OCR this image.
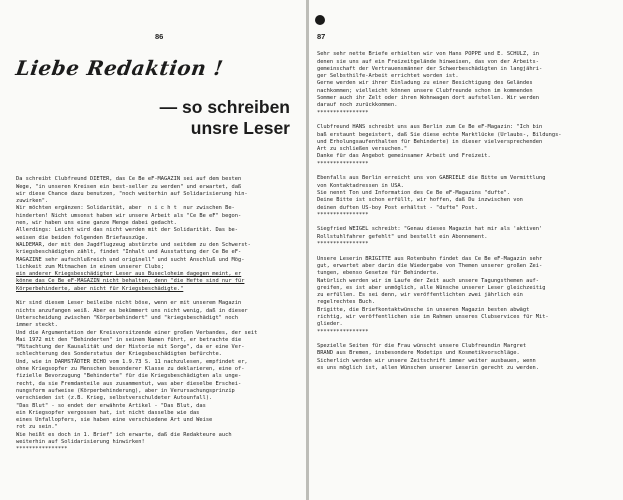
86
Liebe Redaktion !
— so schreiben
unsre Leser

Da schreibt Clubfreund DIETER, das Ce Be eF-MAGAZIN sei auf dem besten
Wege, "in unseren Kreisen ein best-seller zu werden" und erwartet, daß
wir diese Chance dazu benutzen, "noch weiterhin auf Solidarisierung hin-
zuwirken".
Wir möchten ergänzen: Solidarität, aber  n i c h t  nur zwischen Be-
hinderten! Nicht umsonst haben wir unsere Arbeit als "Ce Be eF" begon-
nen, wir haben uns eine ganze Menge dabei gedacht.
Allerdings: Leicht wird das nicht werden mit der Solidarität. Das be-
weisen die beiden folgenden Briefauszüge.
WALDEMAR, der mit den Jagdflugzeug abstürzte und seitdem zu den Schwerst-
kriegsbeschädigten zählt, findet "Inhalt und Ausstattung der Ce Be eF-
MAGAZINE sehr aufschlußreich und originell" und sucht Anschluß und Mög-
lichkeit zum Mitmachen in einem unserer Clubs;
ein anderer Kriegsbeschädigter Leser aus Busecloheim dagegen meint, er
könne das Ce Be eF-MAGAZIN nicht behalten, denn "die Hefte sind nur für
Körperbehinderte, aber nicht für Kriegsbeschädigte."

Wir sind diesem Leser beileibe nicht böse, wenn er mit unserem Magazin
nichts anzufangen weiß. Aber es bekümmert uns nicht wenig, daß in dieser
Unterscheidung zwischen "Körperbehindert" und "kriegsbeschädigt" noch
immer steckt.
Und die Argumentation der Kreisvorsitzende einer großen Verbandes, der seit
Mai 1972 mit den "Behinderten" in seinem Namen führt, er betrachte die
"Mitachtung der Kausalität und der Historie mit Sorge", da er eine Ver-
schlechterung des Sonderstatus der Kriegsbeschädigten befürchte.
Und, wie in DARMSTÄDTER ECHO vom 1.9.73 S. 11 nachzulesen, empfindet er,
ohne Kriegsopfer zu Menschen besonderer Klasse zu deklarieren, eine of-
fizielle Bevorzugung "Behinderte" für die Kriegsbeschädigten als unge-
recht, da sie Fremdanteile aus zusammentut, was aber dieselbe Erschei-
nungsform aufweise (Körperbehinderung), aber in Verursachungsprinzip
verschieden ist (z.B. Krieg, selbstverschuldeter Autounfall).
"Das Blut" - so endet der erwähnte Artikel - "Das Blut, das
ein Kriegsopfer vergossen hat, ist nicht dasselbe wie das
eines Unfallopfers, sie haben eine verschiedene Art und Weise
rot zu sein."
Wie heißt es doch in 1. Brief" ich erwarte, daß die Redakteure auch
weiterhin auf Solidarisierung hinwirken!

****************

87

Sehr sehr nette Briefe erhielten wir von Hans POPPE und E. SCHULZ, in
denen sie uns auf ein Freizeitgelände hinweisen, das von der Arbeits-
gemeinschaft der Vertrauensmänner der Schwerbeschädigten in langjähri-
ger Selbsthilfe-Arbeit errichtet worden ist.
Gerne werden wir ihrer Einladung zu einer Besichtigung des Geländes
nachkommen; vielleicht können unsere Clubfreunde schon im kommenden
Sommer auch ihr Zelt oder ihren Wohnwagen dort aufstellen. Wir werden
darauf noch zurückkommen.

****************

Clubfreund HANS schreibt uns aus Berlin zum Ce Be eF-Magazin: "Ich bin
baß erstaunt begeistert, daß Sie diese echte Marktlücke (Urlaubs-, Bildungs-
und Erholungsaufenthalten für Behinderte) in dieser vielversprechenden
Art zu schließen versuchen."
Danke für das Angebot gemeinsamer Arbeit und Freizeit.

****************

Ebenfalls aus Berlin erreicht uns von GABRIELE die Bitte um Vermittlung
von Kontaktadressen in USA.
Sie nennt Ton und Information des Ce Be eF-Magazins "dufte".
Deine Bitte ist schon erfüllt, wir hoffen, daß Du inzwischen von
deinen duften US-boy Post erhältst - "dufte" Post.

****************

Siegfried WEIGEL schreibt: "Genau dieses Magazin hat mir als 'aktiven'
Rollstuhlfahrer gefehlt" und bestellt ein Abonnement.

****************

Unsere Leserin BRIGITTE aus Rotenbuhn findet das Ce Be eF-Magazin sehr
gut, erwartet aber darin die Wiedergabe von Themen unserer großen Zei-
tungen, ebenso Gesetze für Behinderte.
Natürlich werden wir im Laufe der Zeit auch unsere Tagungsthemen auf-
greifen, es ist aber unmöglich, alle Wünsche unserer Leser gleichzeitig
zu erfüllen. Es sei denn, wir veröffentlichten zwei jährlich ein
regelrechtes Buch.
Brigitte, die Briefkontaktwünsche in unseren Magazin besten abwägt
richtig, wir veröffentlichen sie im Rahmen unseres Clubservices für Mit-
glieder.

****************

Spezielle Seiten für die Frau wünscht unsere Clubfreundin Margret
BRAND aus Bremen, insbesondere Modetips und Kosmetikvorschläge.
Sicherlich werden wir unsere Zeitschrift immer weiter ausbauen, wenn
es uns möglich ist, allen Wünschen unserer Leserin gerecht zu werden.
